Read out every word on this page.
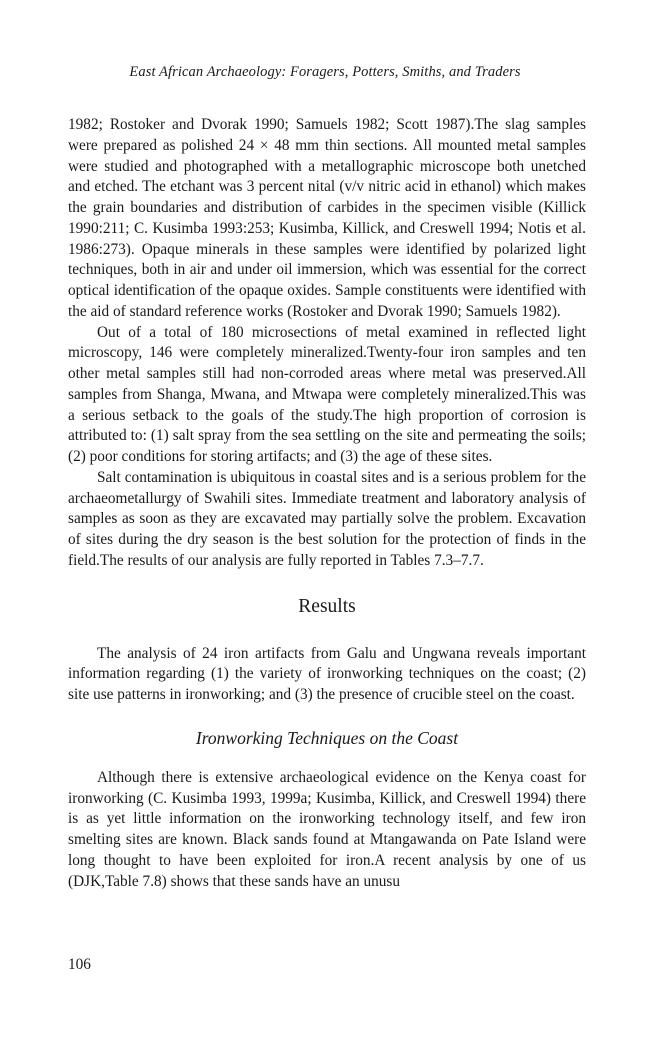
East African Archaeology: Foragers, Potters, Smiths, and Traders

1982; Rostoker and Dvorak 1990; Samuels 1982; Scott 1987).The slag samples were prepared as polished 24 × 48 mm thin sections. All mounted metal samples were studied and photographed with a metallographic microscope both unetched and etched. The etchant was 3 percent nital (v/v nitric acid in ethanol) which makes the grain boundaries and distribution of carbides in the specimen visible (Killick 1990:211; C. Kusimba 1993:253; Kusimba, Killick, and Creswell 1994; Notis et al. 1986:273). Opaque minerals in these samples were identified by polarized light techniques, both in air and under oil immersion, which was essential for the correct optical identification of the opaque oxides. Sample constituents were identified with the aid of standard reference works (Rostoker and Dvorak 1990; Samuels 1982).

Out of a total of 180 microsections of metal examined in reflected light microscopy, 146 were completely mineralized.Twenty-four iron samples and ten other metal samples still had non-corroded areas where metal was preserved.All samples from Shanga, Mwana, and Mtwapa were completely mineralized.This was a serious setback to the goals of the study.The high proportion of corrosion is attributed to: (1) salt spray from the sea settling on the site and permeating the soils; (2) poor conditions for storing artifacts; and (3) the age of these sites.

Salt contamination is ubiquitous in coastal sites and is a serious problem for the archaeometallurgy of Swahili sites. Immediate treatment and laboratory analysis of samples as soon as they are excavated may partially solve the problem. Excavation of sites during the dry season is the best solution for the protection of finds in the field.The results of our analysis are fully reported in Tables 7.3–7.7.

Results

The analysis of 24 iron artifacts from Galu and Ungwana reveals important information regarding (1) the variety of ironworking techniques on the coast; (2) site use patterns in ironworking; and (3) the presence of crucible steel on the coast.

Ironworking Techniques on the Coast

Although there is extensive archaeological evidence on the Kenya coast for ironworking (C. Kusimba 1993, 1999a; Kusimba, Killick, and Creswell 1994) there is as yet little information on the ironworking technology itself, and few iron smelting sites are known. Black sands found at Mtangawanda on Pate Island were long thought to have been exploited for iron.A recent analysis by one of us (DJK,Table 7.8) shows that these sands have an unusu

106
